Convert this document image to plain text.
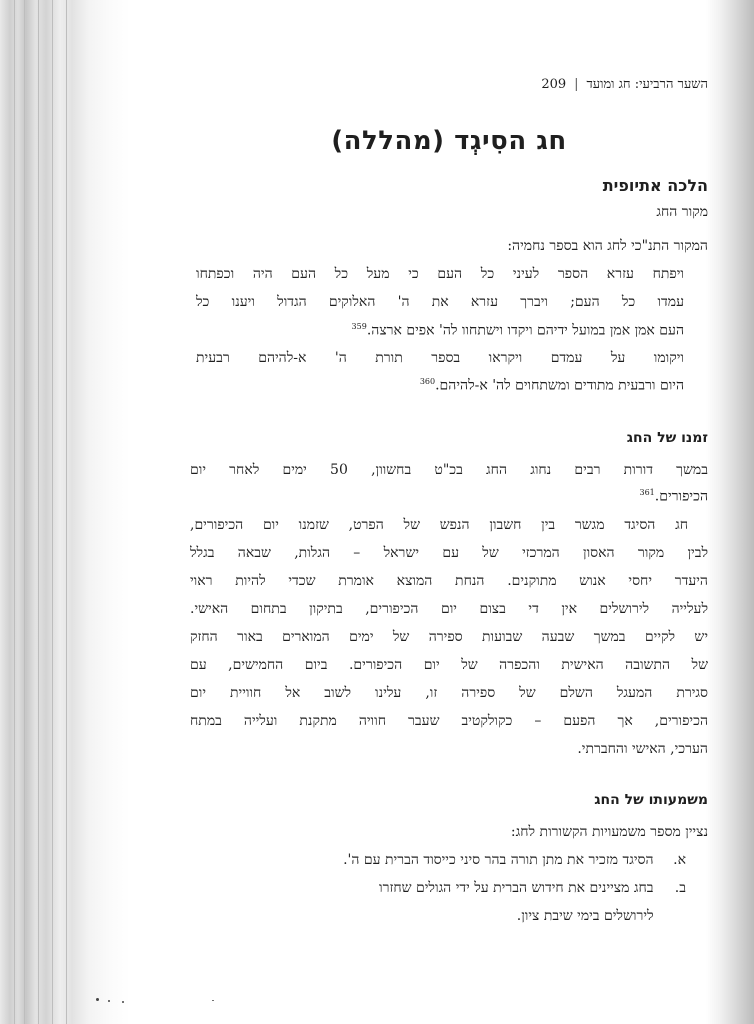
השער הרביעי: חג ומועד
|
209
חג הסִיגְד (מהללה)
הלכה אתיופית
מקור החג
המקור התנ"כי לחג הוא בספר נחמיה:
ויפתח עזרא הספר לעיני כל העם כי מעל כל העם היה וכפתחו
עמדו כל העם; ויברך עזרא את ה' האלוקים הגדול ויענו כל
העם אמן אמן במועל ידיהם ויקדו וישתחוו לה' אפים ארצה.$^{359}$
ויקומו על עמדם ויקראו בספר תורת ה' א-להיהם רבעית
היום ורבעית מתודים ומשתחוים לה' א-להיהם.$^{360}$
זמנו של החג
במשך דורות רבים נחוג החג בכ"ט בחשוון, 50 ימים לאחר יום
הכיפורים.$^{361}$
חג הסיגד מגשר בין חשבון הנפש של הפרט, שזמנו יום הכיפורים,
לבין מקור האסון המרכזי של עם ישראל – הגלות, שבאה בגלל
היעדר יחסי אנוש מתוקנים. הנחת המוצא אומרת שכדי להיות ראוי
לעלייה לירושלים אין די בצום יום הכיפורים, בתיקון בתחום האישי.
יש לקיים במשך שבעה שבועות ספירה של ימים המוארים באור החזק
של התשובה האישית והכפרה של יום הכיפורים. ביום החמישים, עם
סגירת המעגל השלם של ספירה זו, עלינו לשוב אל חוויית יום
הכיפורים, אך הפעם – כקולקטיב שעבר חוויה מתקנת ועלייה במתח
הערכי, האישי והחברתי.
משמעותו של החג
נציין מספר משמעויות הקשורות לחג:
א. הסיגד מזכיר את מתן תורה בהר סיני כייסוד הברית עם ה'.
ב. בחג מציינים את חידוש הברית על ידי הגולים שחזרו
לירושלים בימי שיבת ציון.
